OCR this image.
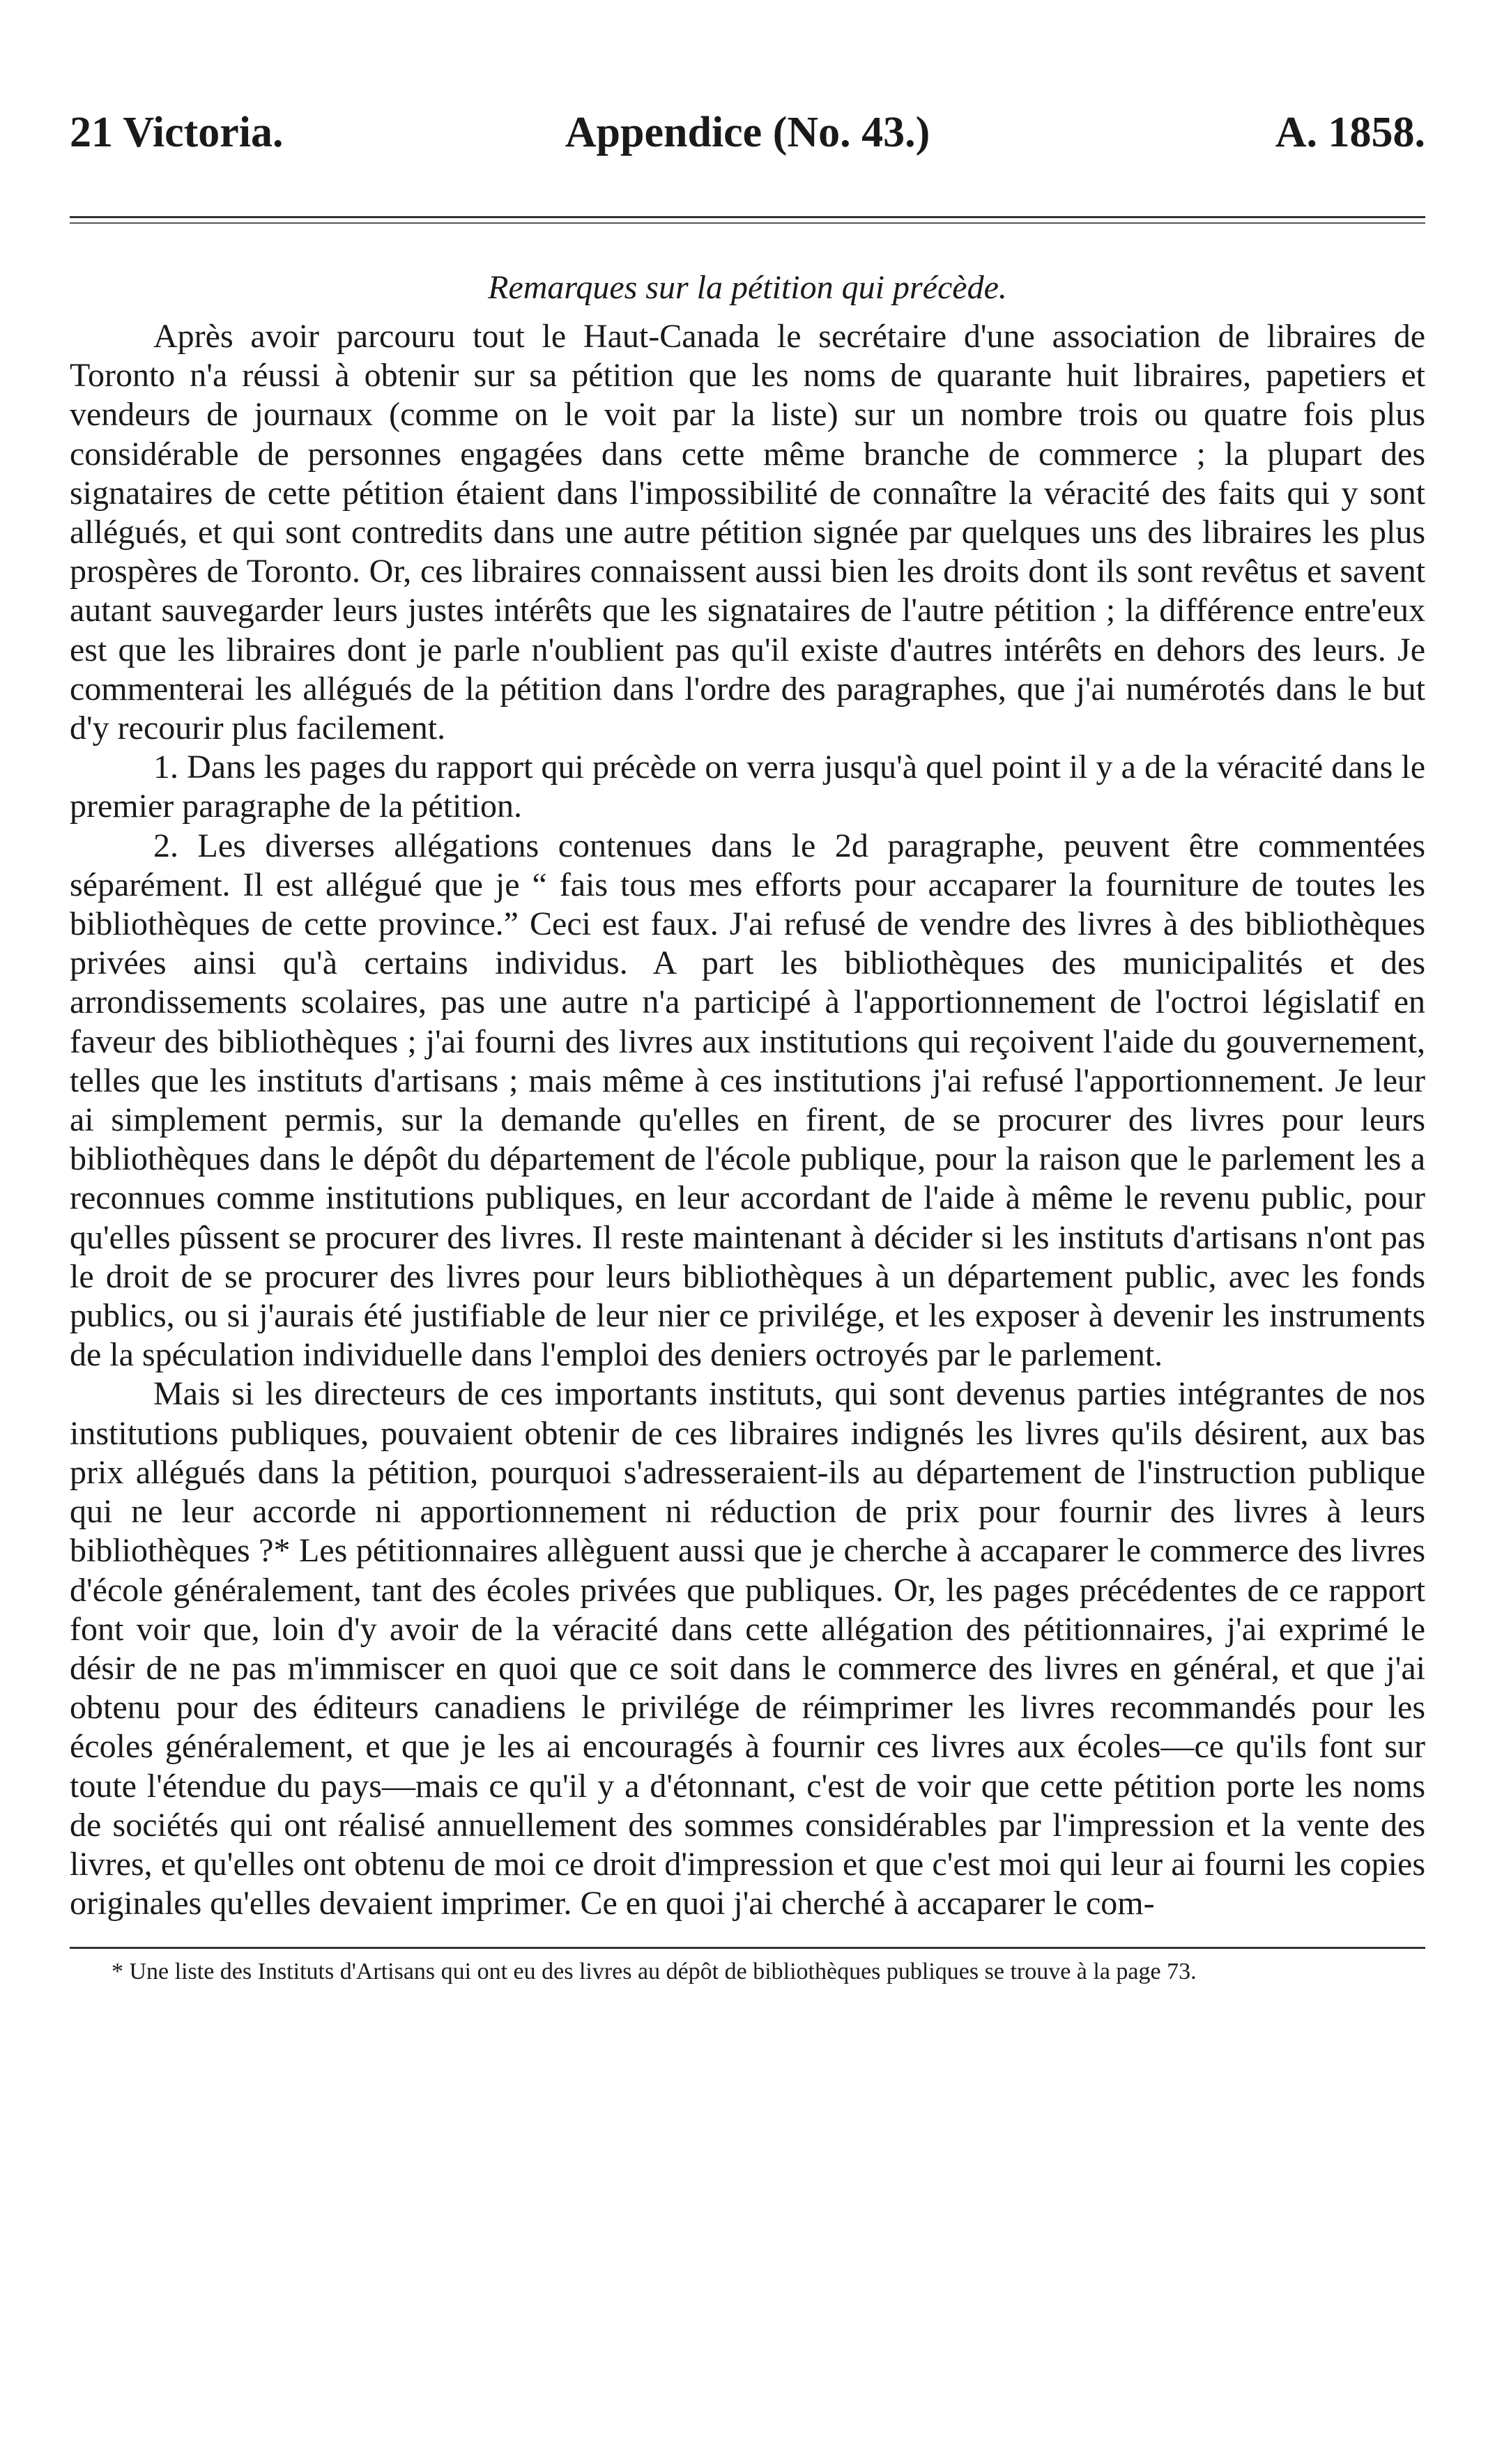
21 Victoria.	Appendice (No. 43.)	A. 1858.
Remarques sur la pétition qui précède.

Après avoir parcouru tout le Haut-Canada le secrétaire d'une association de libraires de Toronto n'a réussi à obtenir sur sa pétition que les noms de quarante huit libraires, papetiers et vendeurs de journaux (comme on le voit par la liste) sur un nombre trois ou quatre fois plus considérable de personnes engagées dans cette même branche de commerce ; la plupart des signataires de cette pétition étaient dans l'impossibilité de connaître la véracité des faits qui y sont allégués, et qui sont contredits dans une autre pétition signée par quelques uns des libraires les plus prospères de Toronto. Or, ces libraires connaissent aussi bien les droits dont ils sont revêtus et savent autant sauvegarder leurs justes intérêts que les signataires de l'autre pétition ; la différence entre'eux est que les libraires dont je parle n'oublient pas qu'il existe d'autres intérêts en dehors des leurs. Je commenterai les allégués de la pétition dans l'ordre des paragraphes, que j'ai numérotés dans le but d'y recourir plus facilement.

1. Dans les pages du rapport qui précède on verra jusqu'à quel point il y a de la véracité dans le premier paragraphe de la pétition.

2. Les diverses allégations contenues dans le 2d paragraphe, peuvent être commentées séparément. Il est allégué que je “ fais tous mes efforts pour accaparer la fourniture de toutes les bibliothèques de cette province.” Ceci est faux. J'ai refusé de vendre des livres à des bibliothèques privées ainsi qu'à certains individus. A part les bibliothèques des municipalités et des arrondissements scolaires, pas une autre n'a participé à l'apportionnement de l'octroi législatif en faveur des bibliothèques ; j'ai fourni des livres aux institutions qui reçoivent l'aide du gouvernement, telles que les instituts d'artisans ; mais même à ces institutions j'ai refusé l'apportionnement. Je leur ai simplement permis, sur la demande qu'elles en firent, de se procurer des livres pour leurs bibliothèques dans le dépôt du département de l'école publique, pour la raison que le parlement les a reconnues comme institutions publiques, en leur accordant de l'aide à même le revenu public, pour qu'elles pûssent se procurer des livres. Il reste maintenant à décider si les instituts d'artisans n'ont pas le droit de se procurer des livres pour leurs bibliothèques à un département public, avec les fonds publics, ou si j'aurais été justifiable de leur nier ce privilége, et les exposer à devenir les instruments de la spéculation individuelle dans l'emploi des deniers octroyés par le parlement.

Mais si les directeurs de ces importants instituts, qui sont devenus parties intégrantes de nos institutions publiques, pouvaient obtenir de ces libraires indignés les livres qu'ils désirent, aux bas prix allégués dans la pétition, pourquoi s'adresseraient-ils au département de l'instruction publique qui ne leur accorde ni apportionnement ni réduction de prix pour fournir des livres à leurs bibliothèques ?* Les pétitionnaires allèguent aussi que je cherche à accaparer le commerce des livres d'école généralement, tant des écoles privées que publiques. Or, les pages précédentes de ce rapport font voir que, loin d'y avoir de la véracité dans cette allégation des pétitionnaires, j'ai exprimé le désir de ne pas m'immiscer en quoi que ce soit dans le commerce des livres en général, et que j'ai obtenu pour des éditeurs canadiens le privilége de réimprimer les livres recommandés pour les écoles généralement, et que je les ai encouragés à fournir ces livres aux écoles—ce qu'ils font sur toute l'étendue du pays—mais ce qu'il y a d'étonnant, c'est de voir que cette pétition porte les noms de sociétés qui ont réalisé annuellement des sommes considérables par l'impression et la vente des livres, et qu'elles ont obtenu de moi ce droit d'impression et que c'est moi qui leur ai fourni les copies originales qu'elles devaient imprimer. Ce en quoi j'ai cherché à accaparer le com-

* Une liste des Instituts d'Artisans qui ont eu des livres au dépôt de bibliothèques publiques se trouve à la page 73.
